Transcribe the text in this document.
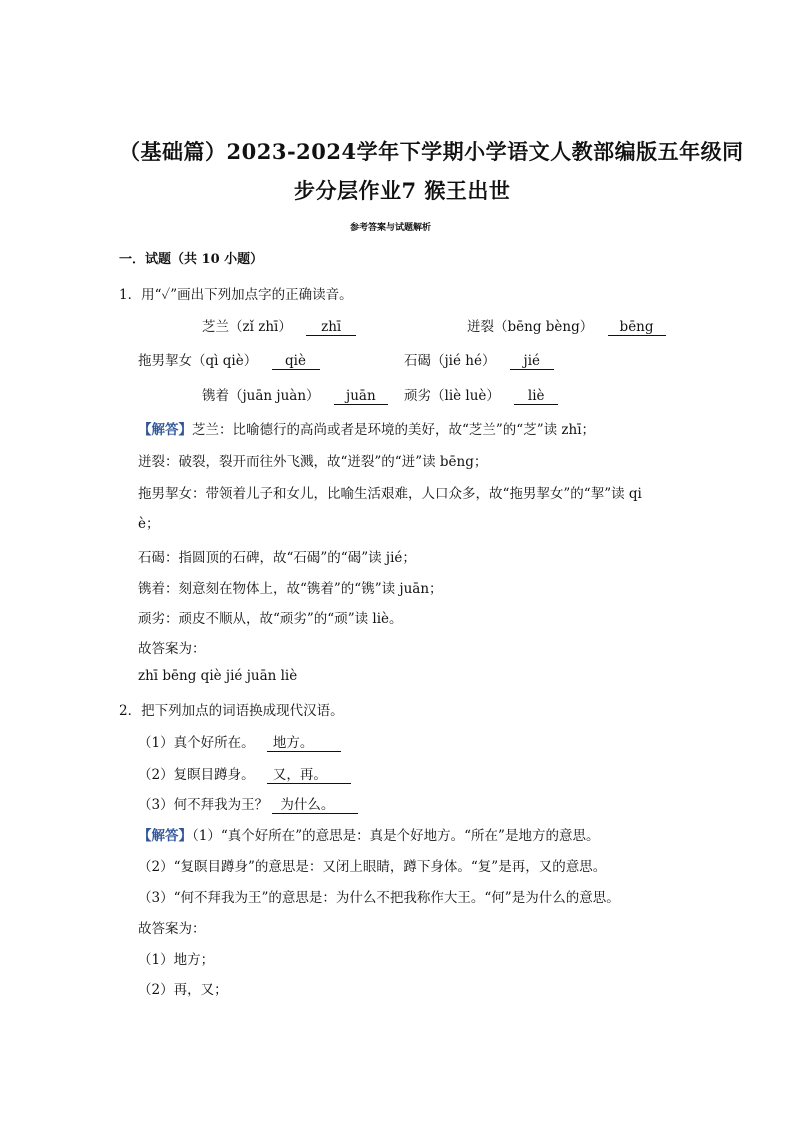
（基础篇）2023-2024学年下学期小学语文人教部编版五年级同
步分层作业7 猴王出世
参考答案与试题解析
一．试题（共 10 小题）
1．用“✓”画出下列加点字的正确读音。
芝兰（zǐ zhī） zhī	迸裂（bēng bèng） bēng
拖男挈女（qì qiè） qiè	石碣（jié hé） jié
镌着（juān juàn） juān	顽劣（liè luè） liè
【解答】芝兰：比喻德行的高尚或者是环境的美好，故“芝兰”的“芝”读 zhī；
迸裂：破裂，裂开而往外飞溅，故“迸裂”的“迸”读 bēng；
拖男挈女：带领着儿子和女儿，比喻生活艰难，人口众多，故“拖男挈女”的“挈”读 qi
è；
石碣：指圆顶的石碑，故“石碣”的“碣”读 jié；
镌着：刻意刻在物体上，故“镌着”的“镌”读 juān；
顽劣：顽皮不顺从，故“顽劣”的“顽”读 liè。
故答案为：
zhī bēng qiè jié juān liè
2．把下列加点的词语换成现代汉语。
（1）真个好所在。 地方。
（2）复瞑目蹲身。 又，再。
（3）何不拜我为王？ 为什么。
【解答】（1）“真个好所在”的意思是：真是个好地方。“所在”是地方的意思。
（2）“复瞑目蹲身”的意思是：又闭上眼睛，蹲下身体。“复”是再，又的意思。
（3）“何不拜我为王”的意思是：为什么不把我称作大王。“何”是为什么的意思。
故答案为：
（1）地方；
（2）再，又；
